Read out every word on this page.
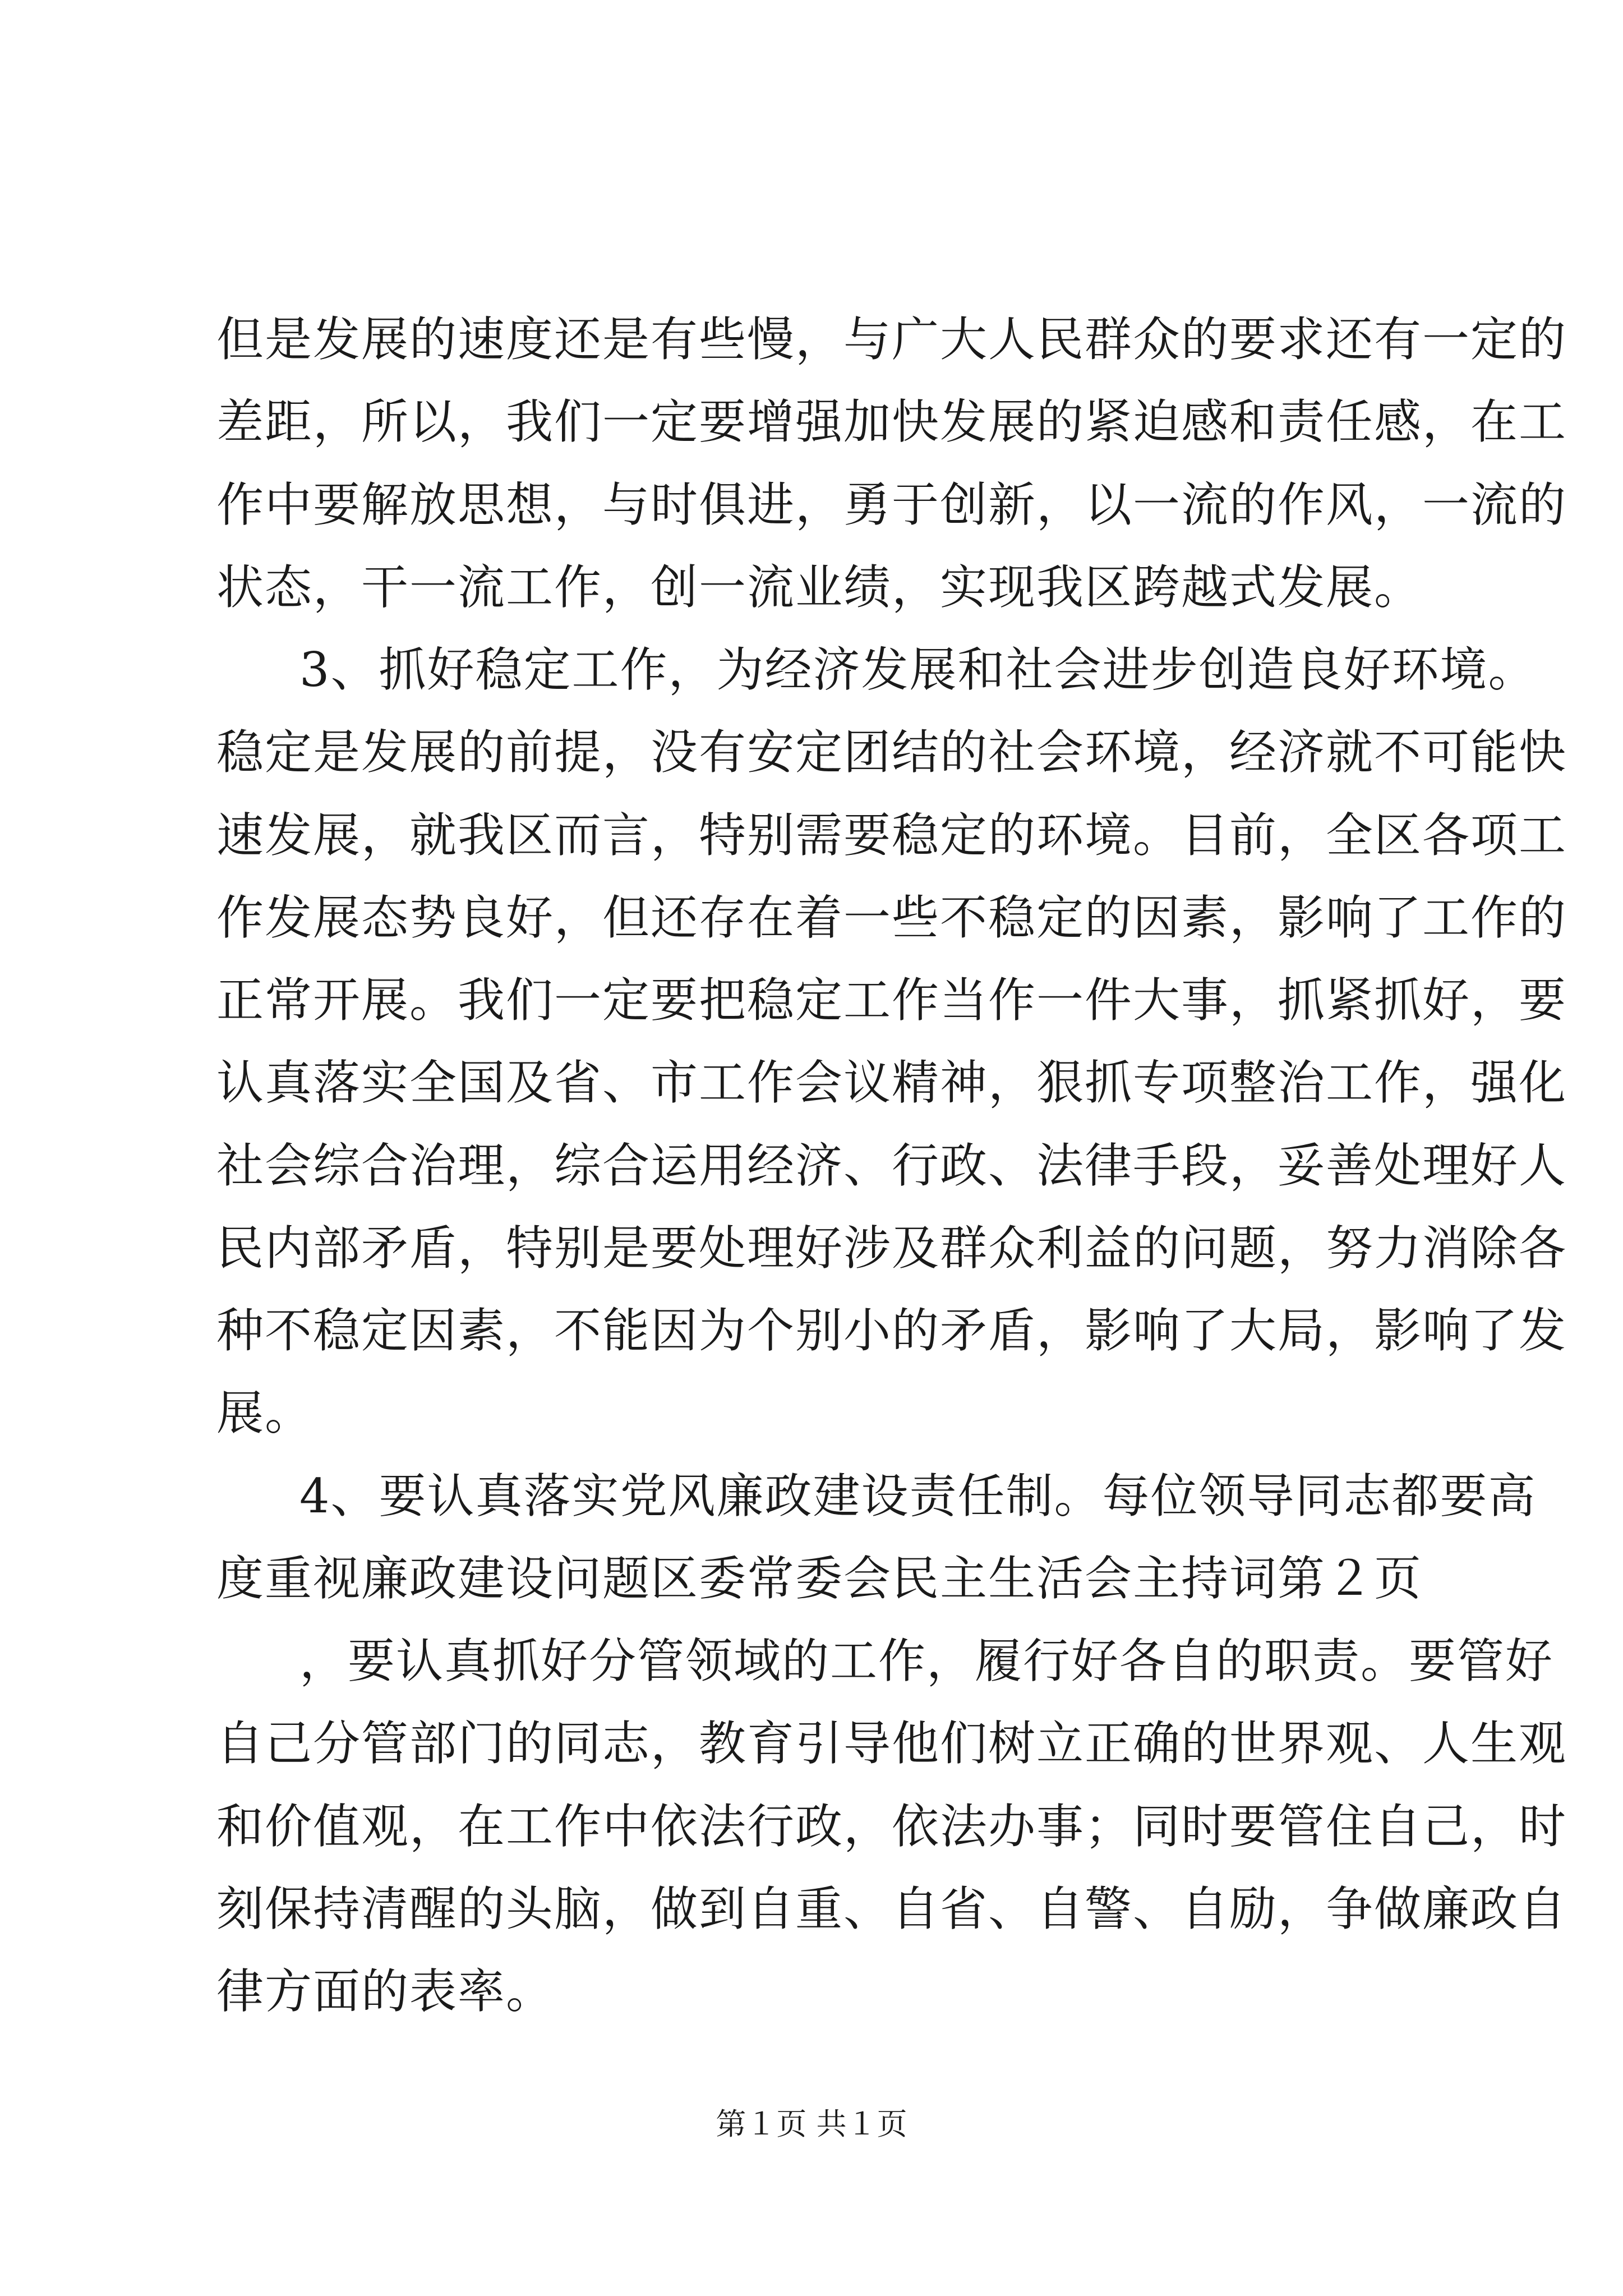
但是发展的速度还是有些慢，与广大人民群众的要求还有一定的
差距，所以，我们一定要增强加快发展的紧迫感和责任感，在工
作中要解放思想，与时俱进，勇于创新，以一流的作风，一流的
状态，干一流工作，创一流业绩，实现我区跨越式发展。
3、抓好稳定工作，为经济发展和社会进步创造良好环境。
稳定是发展的前提，没有安定团结的社会环境，经济就不可能快
速发展，就我区而言，特别需要稳定的环境。目前，全区各项工
作发展态势良好，但还存在着一些不稳定的因素，影响了工作的
正常开展。我们一定要把稳定工作当作一件大事，抓紧抓好，要
认真落实全国及省、市工作会议精神，狠抓专项整治工作，强化
社会综合治理，综合运用经济、行政、法律手段，妥善处理好人
民内部矛盾，特别是要处理好涉及群众利益的问题，努力消除各
种不稳定因素，不能因为个别小的矛盾，影响了大局，影响了发
展。
4、要认真落实党风廉政建设责任制。每位领导同志都要高
度重视廉政建设问题区委常委会民主生活会主持词第２页
，要认真抓好分管领域的工作，履行好各自的职责。要管好
自己分管部门的同志，教育引导他们树立正确的世界观、人生观
和价值观，在工作中依法行政，依法办事；同时要管住自己，时
刻保持清醒的头脑，做到自重、自省、自警、自励，争做廉政自
律方面的表率。
第１页 共１页
